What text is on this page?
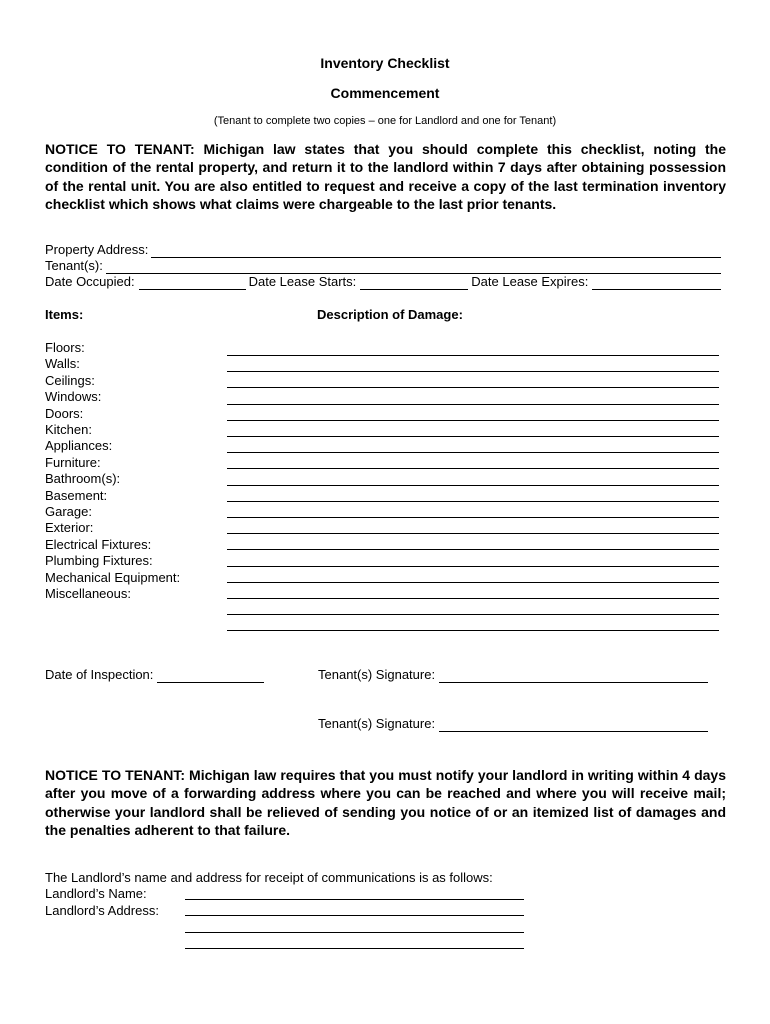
Inventory Checklist
Commencement
(Tenant to complete two copies – one for Landlord and one for Tenant)
NOTICE TO TENANT: Michigan law states that you should complete this checklist, noting the condition of the rental property, and return it to the landlord within 7 days after obtaining possession of the rental unit. You are also entitled to request and receive a copy of the last termination inventory checklist which shows what claims were chargeable to the last prior tenants.
Property Address:
Tenant(s):
Date Occupied:	Date Lease Starts:	Date Lease Expires:
Items:	Description of Damage:
Floors:
Walls:
Ceilings:
Windows:
Doors:
Kitchen:
Appliances:
Furniture:
Bathroom(s):
Basement:
Garage:
Exterior:
Electrical Fixtures:
Plumbing Fixtures:
Mechanical Equipment:
Miscellaneous:
Date of Inspection:	Tenant(s) Signature:
Tenant(s) Signature:
NOTICE TO TENANT: Michigan law requires that you must notify your landlord in writing within 4 days after you move of a forwarding address where you can be reached and where you will receive mail; otherwise your landlord shall be relieved of sending you notice of or an itemized list of damages and the penalties adherent to that failure.
The Landlord’s name and address for receipt of communications is as follows:
Landlord’s Name:
Landlord’s Address:
